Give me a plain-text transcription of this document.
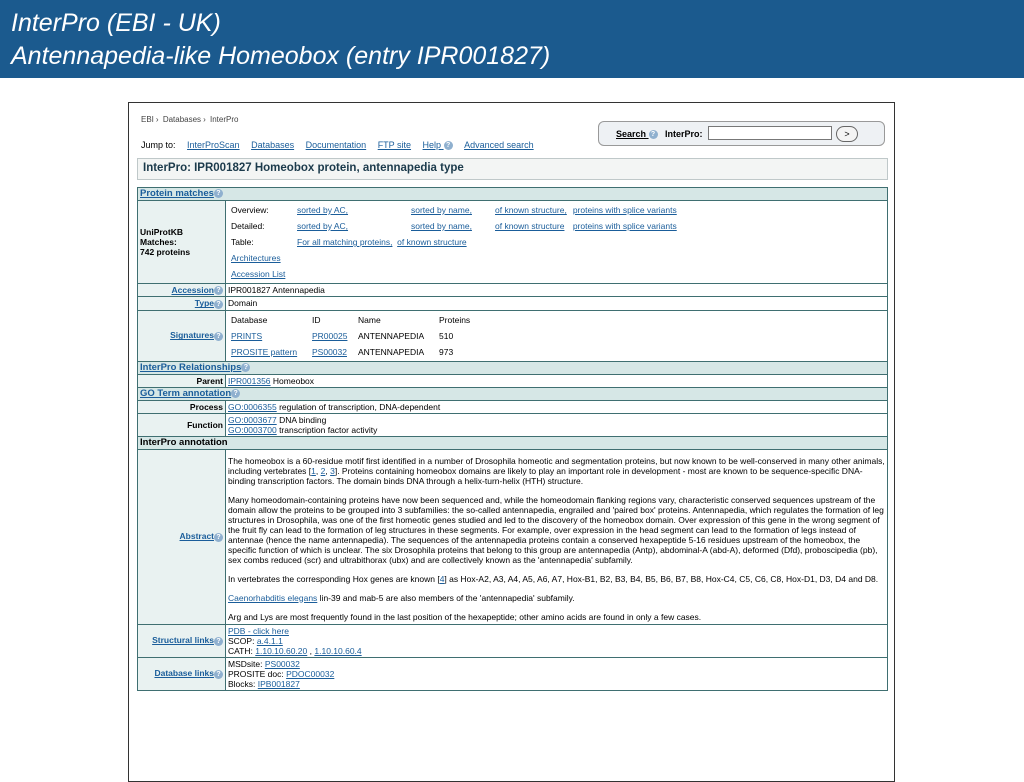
InterPro (EBI - UK)
Antennapedia-like Homeobox (entry IPR001827)
EBI › Databases › InterPro
Jump to: InterProScan Databases Documentation FTP site Help ? Advanced search
Search ? InterPro:	>
InterPro: IPR001827 Homeobox protein, antennapedia type
Protein matches ?

UniProtKB
Matches:
742 proteins

Overview:	sorted by AC,	sorted by name,	of known structure,	proteins with splice variants
Detailed:	sorted by AC,	sorted by name,	of known structure	proteins with splice variants
Table:	For all matching proteins, of known structure
Architectures
Accession List

Accession ?	IPR001827 Antennapedia
Type ?	Domain
Signatures ?	
Database	ID	Name	Proteins
PRINTS	PR00025	ANTENNAPEDIA	510
PROSITE pattern	PS00032	ANTENNAPEDIA	973

InterPro Relationships ?
Parent	IPR001356 Homeobox
GO Term annotation ?
Process	GO:0006355 regulation of transcription, DNA-dependent
Function	GO:0003677 DNA binding
GO:0003700 transcription factor activity

InterPro annotation
Abstract ?	

The homeobox is a 60-residue motif first identified in a number of Drosophila homeotic and segmentation proteins, but now known to be well-conserved in many other animals, including vertebrates [1, 2, 3]. Proteins containing homeobox domains are likely to play an important role in development - most are known to be sequence-specific DNA-binding transcription factors. The domain binds DNA through a helix-turn-helix (HTH) structure.

Many homeodomain-containing proteins have now been sequenced and, while the homeodomain flanking regions vary, characteristic conserved sequences upstream of the domain allow the proteins to be grouped into 3 subfamilies: the so-called antennapedia, engrailed and 'paired box' proteins. Antennapedia, which regulates the formation of leg structures in Drosophila, was one of the first homeotic genes studied and led to the discovery of the homeobox domain. Over expression of this gene in the wrong segment of the fruit fly can lead to the formation of leg structures in these segments. For example, over expression in the head segment can lead to the formation of legs instead of antennae (hence the name antennapedia). The sequences of the antennapedia proteins contain a conserved hexapeptide 5-16 residues upstream of the homeobox, the specific function of which is unclear. The six Drosophila proteins that belong to this group are antennapedia (Antp), abdominal-A (abd-A), deformed (Dfd), proboscipedia (pb), sex combs reduced (scr) and ultrabithorax (ubx) and are collectively known as the 'antennapedia' subfamily.

In vertebrates the corresponding Hox genes are known [4] as Hox-A2, A3, A4, A5, A6, A7, Hox-B1, B2, B3, B4, B5, B6, B7, B8, Hox-C4, C5, C6, C8, Hox-D1, D3, D4 and D8.

Caenorhabditis elegans lin-39 and mab-5 are also members of the 'antennapedia' subfamily.

Arg and Lys are most frequently found in the last position of the hexapeptide; other amino acids are found in only a few cases.

Structural links ?	
PDB - click here
SCOP: a.4.1.1
CATH: 1.10.10.60.20 , 1.10.10.60.4

Database links ?	
MSDsite: PS00032
PROSITE doc: PDOC00032
Blocks: IPB001827
